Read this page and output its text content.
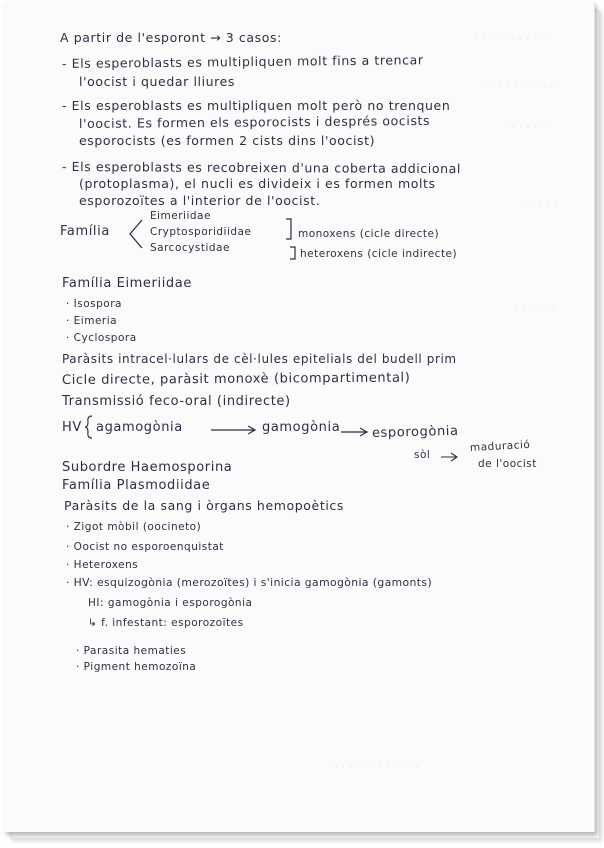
· · · · · · · · · · ·
· · · · · · · · · ·
· · · · · · ·
· · · · ·
· · · · · ·
· · · · · · · · · · · ·
A partir de l'esporont → 3 casos:
- Els esperoblasts es multipliquen molt fins a trencar
l'oocist i quedar lliures
- Els esperoblasts es multipliquen molt però no trenquen
l'oocist. Es formen els esporocists i després oocists
esporocists (es formen 2 cists dins l'oocist)
- Els esperoblasts es recobreixen d'una coberta addicional
(protoplasma), el nucli es divideix i es formen molts
esporozoïtes a l'interior de l'oocist.
Família
Eimeriidae
Cryptosporidiidae
Sarcocystidae
monoxens (cicle directe)
heteroxens (cicle indirecte)
Família Eimeriidae
· Isospora
· Eimeria
· Cyclospora
Paràsits intracel·lulars de cèl·lules epitelials del budell prim
Cicle directe, paràsit monoxè (bicompartimental)
Transmissió feco-oral (indirecte)
HV agamogònia	gamogònia esporogònia
sòl
maduració
de l'oocist
Subordre Haemosporina
Família Plasmodiidae
Paràsits de la sang i òrgans hemopoètics
· Zigot mòbil (oocineto)
· Oocist no esporoenquistat
· Heteroxens
· HV: esquizogònia (merozoïtes) i s'inicia gamogònia (gamonts)
HI: gamogònia i esporogònia
↳ f. infestant: esporozoïtes
· Parasita hematies
· Pigment hemozoïna
